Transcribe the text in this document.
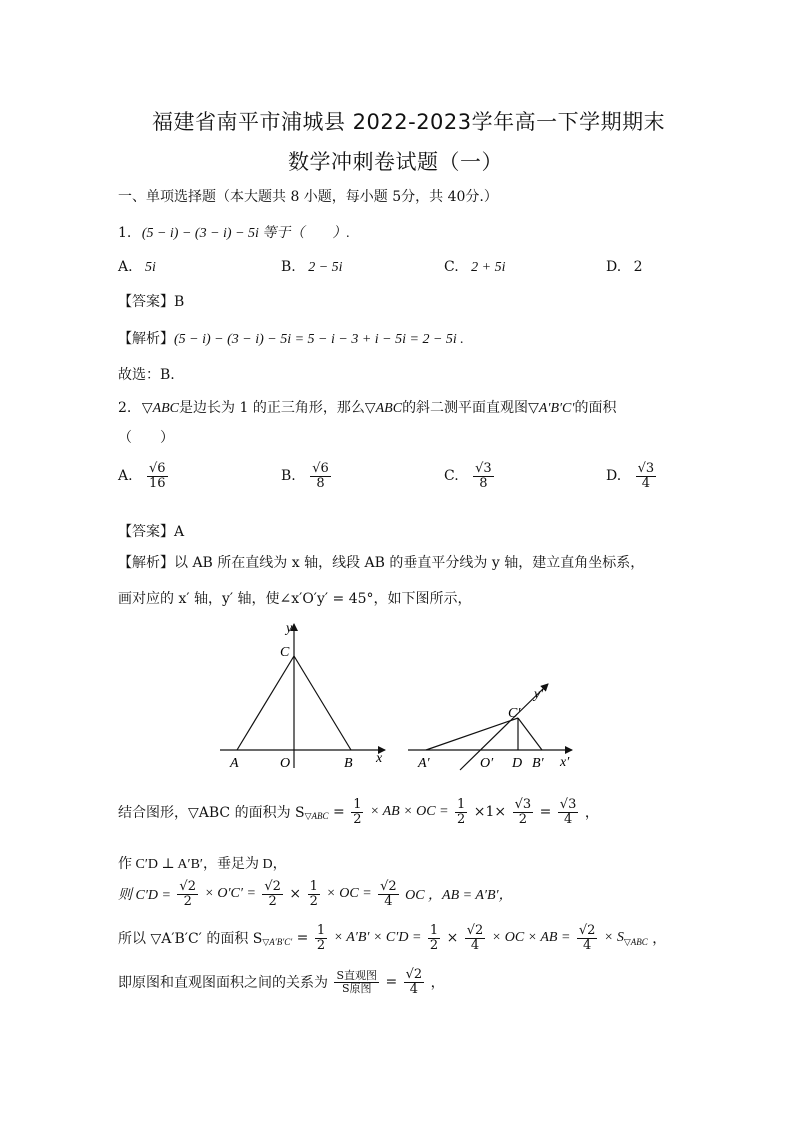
福建省南平市浦城县 2022-2023学年高一下学期期末
数学冲刺卷试题（一）
一、单项选择题（本大题共 8 小题，每小题 5分，共 40分.）
1. (5 − i) − (3 − i) − 5i 等于（　　）.
A. 5i	B. 2 − 5i	C. 2 + 5i	D. 2
【答案】B
【解析】(5 − i) − (3 − i) − 5i = 5 − i − 3 + i − 5i = 2 − 5i .
故选：B.
2. ▽ABC是边长为 1 的正三角形，那么▽ABC的斜二测平面直观图▽A′B′C′的面积
（　　）
A. $\frac{√6}{16}$	B. $\frac{√6}{8}$	C. $\frac{√3}{8}$	D. $\frac{√3}{4}$
【答案】A
【解析】以 AB 所在直线为 x 轴，线段 AB 的垂直平分线为 y 轴，建立直角坐标系，
画对应的 x′ 轴，y′ 轴，使∠x′O′y′ = 45°，如下图所示，
y
C
A	O	B x
y′
C′
A′	O′ D B′ x′
结合图形，▽ABC 的面积为 $S_{▽ABC} = \frac{1}{2}$ × AB × OC = $\frac{1}{2} \times 1\times \frac{√3}{2} = \frac{√3}{4}$ ，
作 C′D ⊥ A′B′，垂足为 D，
则 $C'D = \frac{√2}{2} \times O'C' = \frac{√2}{2} \times \frac{1}{2}$ × OC = $\frac{√2}{4}$ OC ，AB = A′B′，
所以 ▽A′B′C′ 的面积 $S_{▽A'B'C'} = \frac{1}{2} \times A'B' \times C'D = \frac{1}{2} \times \frac{√2}{4}$ × OC × AB = $\frac{√2}{4} \times S_{▽ABC}$ ，
即原图和直观图面积之间的关系为 $\frac{\text{S直观图}}{\text{S原图}} = \frac{√2}{4}$ ，
